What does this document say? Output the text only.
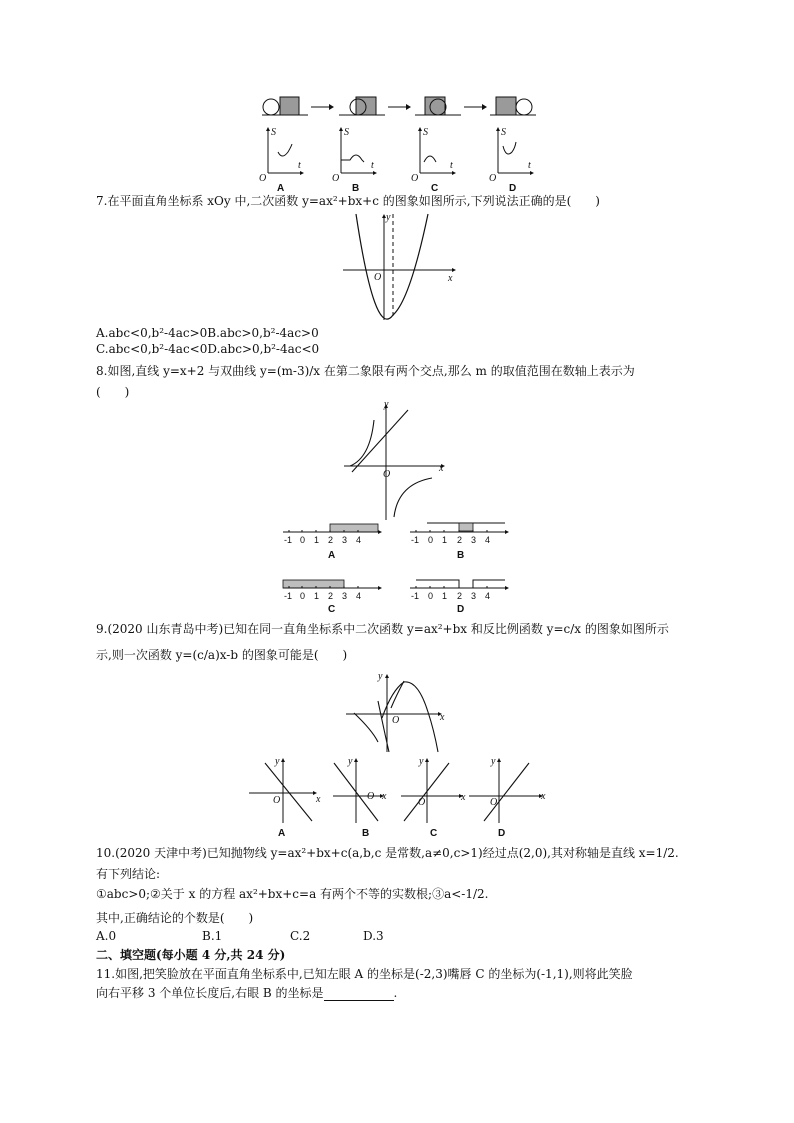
S
O
t
S
O
t
S
O
t
S
O
t
A	B	C	D
7.在平面直角坐标系 xOy 中,二次函数 y=ax²+bx+c 的图象如图所示,下列说法正确的是(　　)
y
x
O
A.abc<0,b²-4ac>0B.abc>0,b²-4ac>0
C.abc<0,b²-4ac<0D.abc>0,b²-4ac<0
8.如图,直线 y=x+2 与双曲线 y=(m-3)/x 在第二象限有两个交点,那么 m 的取值范围在数轴上表示为
(　　)
y
x
O
-1 0 1 2 3 4	-1 0 1 2 3 4
-1 0 1 2 3 4	-1 0 1 2 3 4
A	B
C	D
9.(2020 山东青岛中考)已知在同一直角坐标系中二次函数 y=ax²+bx 和反比例函数 y=c/x 的图象如图所示
示,则一次函数 y=(c/a)x-b 的图象可能是(　　)
y
x
O
y
x
O
y
x
O
y
x
O
y
x
O
A	B	C	D
10.(2020 天津中考)已知抛物线 y=ax²+bx+c(a,b,c 是常数,a≠0,c>1)经过点(2,0),其对称轴是直线 x=1/2.
有下列结论:
①abc>0;②关于 x 的方程 ax²+bx+c=a 有两个不等的实数根;③a<-1/2.
其中,正确结论的个数是(　　)
A.0	B.1	C.2	D.3
二、填空题(每小题 4 分,共 24 分)
11.如图,把笑脸放在平面直角坐标系中,已知左眼 A 的坐标是(-2,3)嘴唇 C 的坐标为(-1,1),则将此笑脸
向右平移 3 个单位长度后,右眼 B 的坐标是	.
